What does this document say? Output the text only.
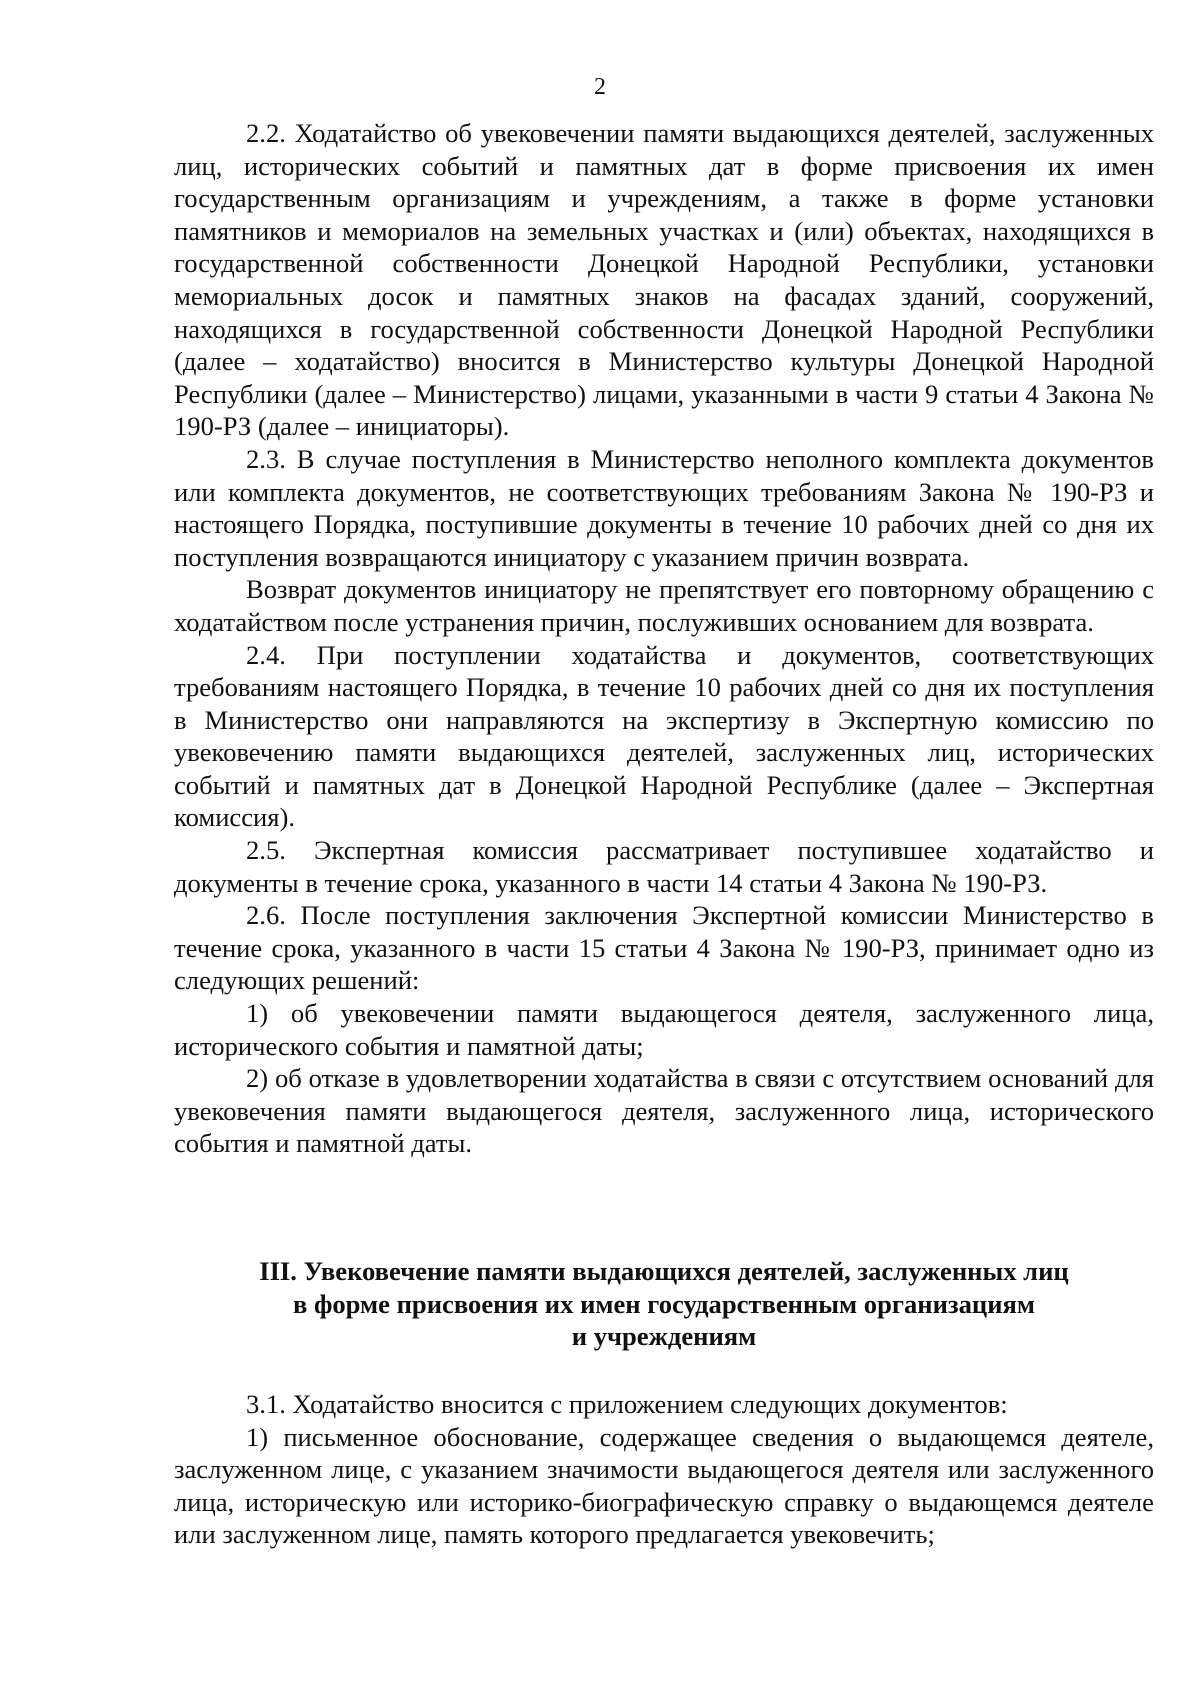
2

2.2. Ходатайство об увековечении памяти выдающихся деятелей, заслуженных лиц, исторических событий и памятных дат в форме присвоения их имен государственным организациям и учреждениям, а также в форме установки памятников и мемориалов на земельных участках и (или) объектах, находящихся в государственной собственности Донецкой Народной Республики, установки мемориальных досок и памятных знаков на фасадах зданий, сооружений, находящихся в государственной собственности Донецкой Народной Республики (далее – ходатайство) вносится в Министерство культуры Донецкой Народной Республики (далее – Министерство) лицами, указанными в части 9 статьи 4 Закона № 190-РЗ (далее – инициаторы).

2.3. В случае поступления в Министерство неполного комплекта документов или комплекта документов, не соответствующих требованиям Закона № 190-РЗ и настоящего Порядка, поступившие документы в течение 10 рабочих дней со дня их поступления возвращаются инициатору с указанием причин возврата.

Возврат документов инициатору не препятствует его повторному обращению с ходатайством после устранения причин, послуживших основанием для возврата.

2.4. При поступлении ходатайства и документов, соответствующих требованиям настоящего Порядка, в течение 10 рабочих дней со дня их поступления в Министерство они направляются на экспертизу в Экспертную комиссию по увековечению памяти выдающихся деятелей, заслуженных лиц, исторических событий и памятных дат в Донецкой Народной Республике (далее – Экспертная комиссия).

2.5. Экспертная комиссия рассматривает поступившее ходатайство и документы в течение срока, указанного в части 14 статьи 4 Закона № 190-РЗ.

2.6. После поступления заключения Экспертной комиссии Министерство в течение срока, указанного в части 15 статьи 4 Закона № 190-РЗ, принимает одно из следующих решений:

1) об увековечении памяти выдающегося деятеля, заслуженного лица, исторического события и памятной даты;

2) об отказе в удовлетворении ходатайства в связи с отсутствием оснований для увековечения памяти выдающегося деятеля, заслуженного лица, исторического события и памятной даты.

III. Увековечение памяти выдающихся деятелей, заслуженных лиц
в форме присвоения их имен государственным организациям
и учреждениям

3.1. Ходатайство вносится с приложением следующих документов:

1) письменное обоснование, содержащее сведения о выдающемся деятеле, заслуженном лице, с указанием значимости выдающегося деятеля или заслуженного лица, историческую или историко-биографическую справку о выдающемся деятеле или заслуженном лице, память которого предлагается увековечить;
